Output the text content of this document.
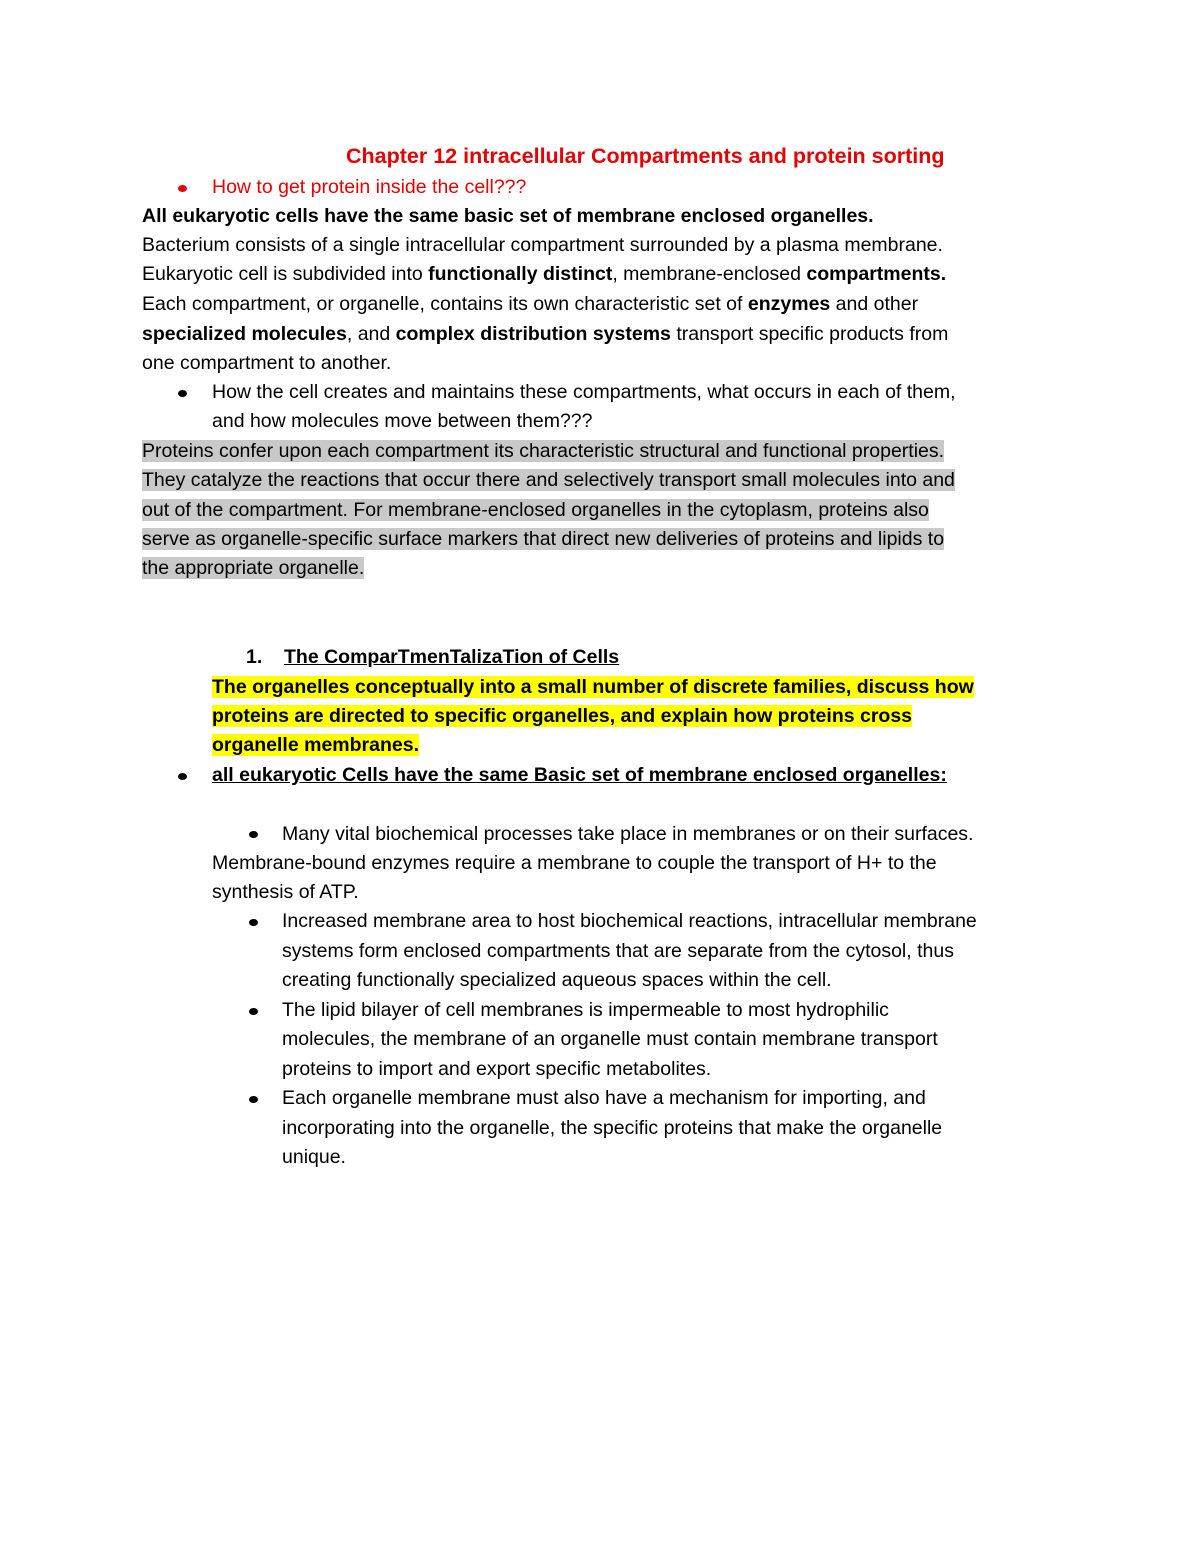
Chapter 12 intracellular Compartments and protein sorting
How to get protein inside the cell???
All eukaryotic cells have the same basic set of membrane enclosed organelles.
Bacterium consists of a single intracellular compartment surrounded by a plasma membrane.
Eukaryotic cell is subdivided into functionally distinct, membrane-enclosed compartments.
Each compartment, or organelle, contains its own characteristic set of enzymes and other
specialized molecules, and complex distribution systems transport specific products from
one compartment to another.
How the cell creates and maintains these compartments, what occurs in each of them,
and how molecules move between them???
Proteins confer upon each compartment its characteristic structural and functional properties.
They catalyze the reactions that occur there and selectively transport small molecules into and
out of the compartment. For membrane-enclosed organelles in the cytoplasm, proteins also
serve as organelle-specific surface markers that direct new deliveries of proteins and lipids to
the appropriate organelle.
1. The ComparTmenTalizaTion of Cells
The organelles conceptually into a small number of discrete families, discuss how
proteins are directed to specific organelles, and explain how proteins cross
organelle membranes.
all eukaryotic Cells have the same Basic set of membrane enclosed organelles:
Many vital biochemical processes take place in membranes or on their surfaces.
Membrane-bound enzymes require a membrane to couple the transport of H+ to the
synthesis of ATP.
Increased membrane area to host biochemical reactions, intracellular membrane
systems form enclosed compartments that are separate from the cytosol, thus
creating functionally specialized aqueous spaces within the cell.
The lipid bilayer of cell membranes is impermeable to most hydrophilic
molecules, the membrane of an organelle must contain membrane transport
proteins to import and export specific metabolites.
Each organelle membrane must also have a mechanism for importing, and
incorporating into the organelle, the specific proteins that make the organelle
unique.
